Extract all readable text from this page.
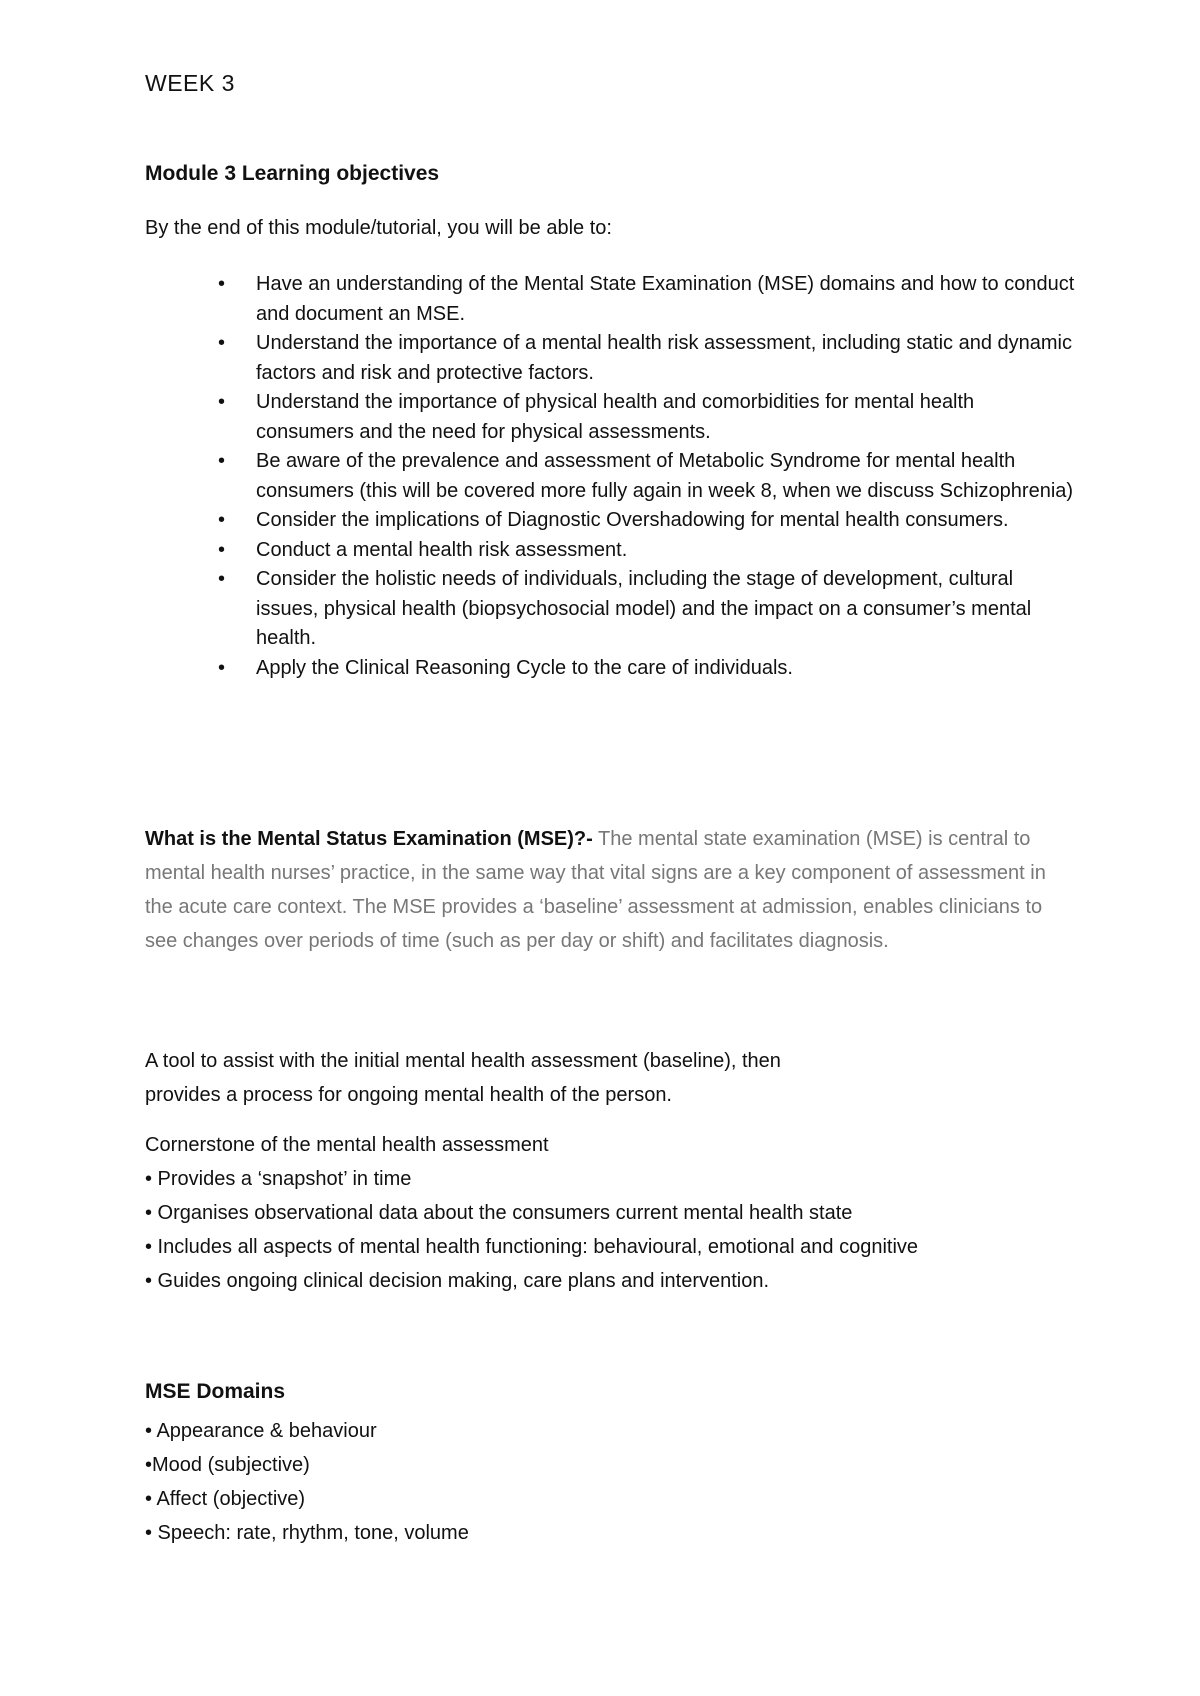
WEEK 3
Module 3 Learning objectives
By the end of this module/tutorial, you will be able to:
• Have an understanding of the Mental State Examination (MSE) domains and how to conduct and document an MSE.
• Understand the importance of a mental health risk assessment, including static and dynamic factors and risk and protective factors.
• Understand the importance of physical health and comorbidities for mental health consumers and the need for physical assessments.
• Be aware of the prevalence and assessment of Metabolic Syndrome for mental health consumers (this will be covered more fully again in week 8, when we discuss Schizophrenia)
• Consider the implications of Diagnostic Overshadowing for mental health consumers.
• Conduct a mental health risk assessment.
• Consider the holistic needs of individuals, including the stage of development, cultural issues, physical health (biopsychosocial model) and the impact on a consumer’s mental health.
• Apply the Clinical Reasoning Cycle to the care of individuals.

What is the Mental Status Examination (MSE)?- The mental state examination (MSE) is central to mental health nurses’ practice, in the same way that vital signs are a key component of assessment in the acute care context. The MSE provides a ‘baseline’ assessment at admission, enables clinicians to see changes over periods of time (such as per day or shift) and facilitates diagnosis.

A tool to assist with the initial mental health assessment (baseline), then
provides a process for ongoing mental health of the person.

Cornerstone of the mental health assessment
• Provides a ‘snapshot’ in time
• Organises observational data about the consumers current mental health state
• Includes all aspects of mental health functioning: behavioural, emotional and cognitive
• Guides ongoing clinical decision making, care plans and intervention.
MSE Domains
• Appearance & behaviour
•Mood (subjective)
• Affect (objective)
• Speech: rate, rhythm, tone, volume
